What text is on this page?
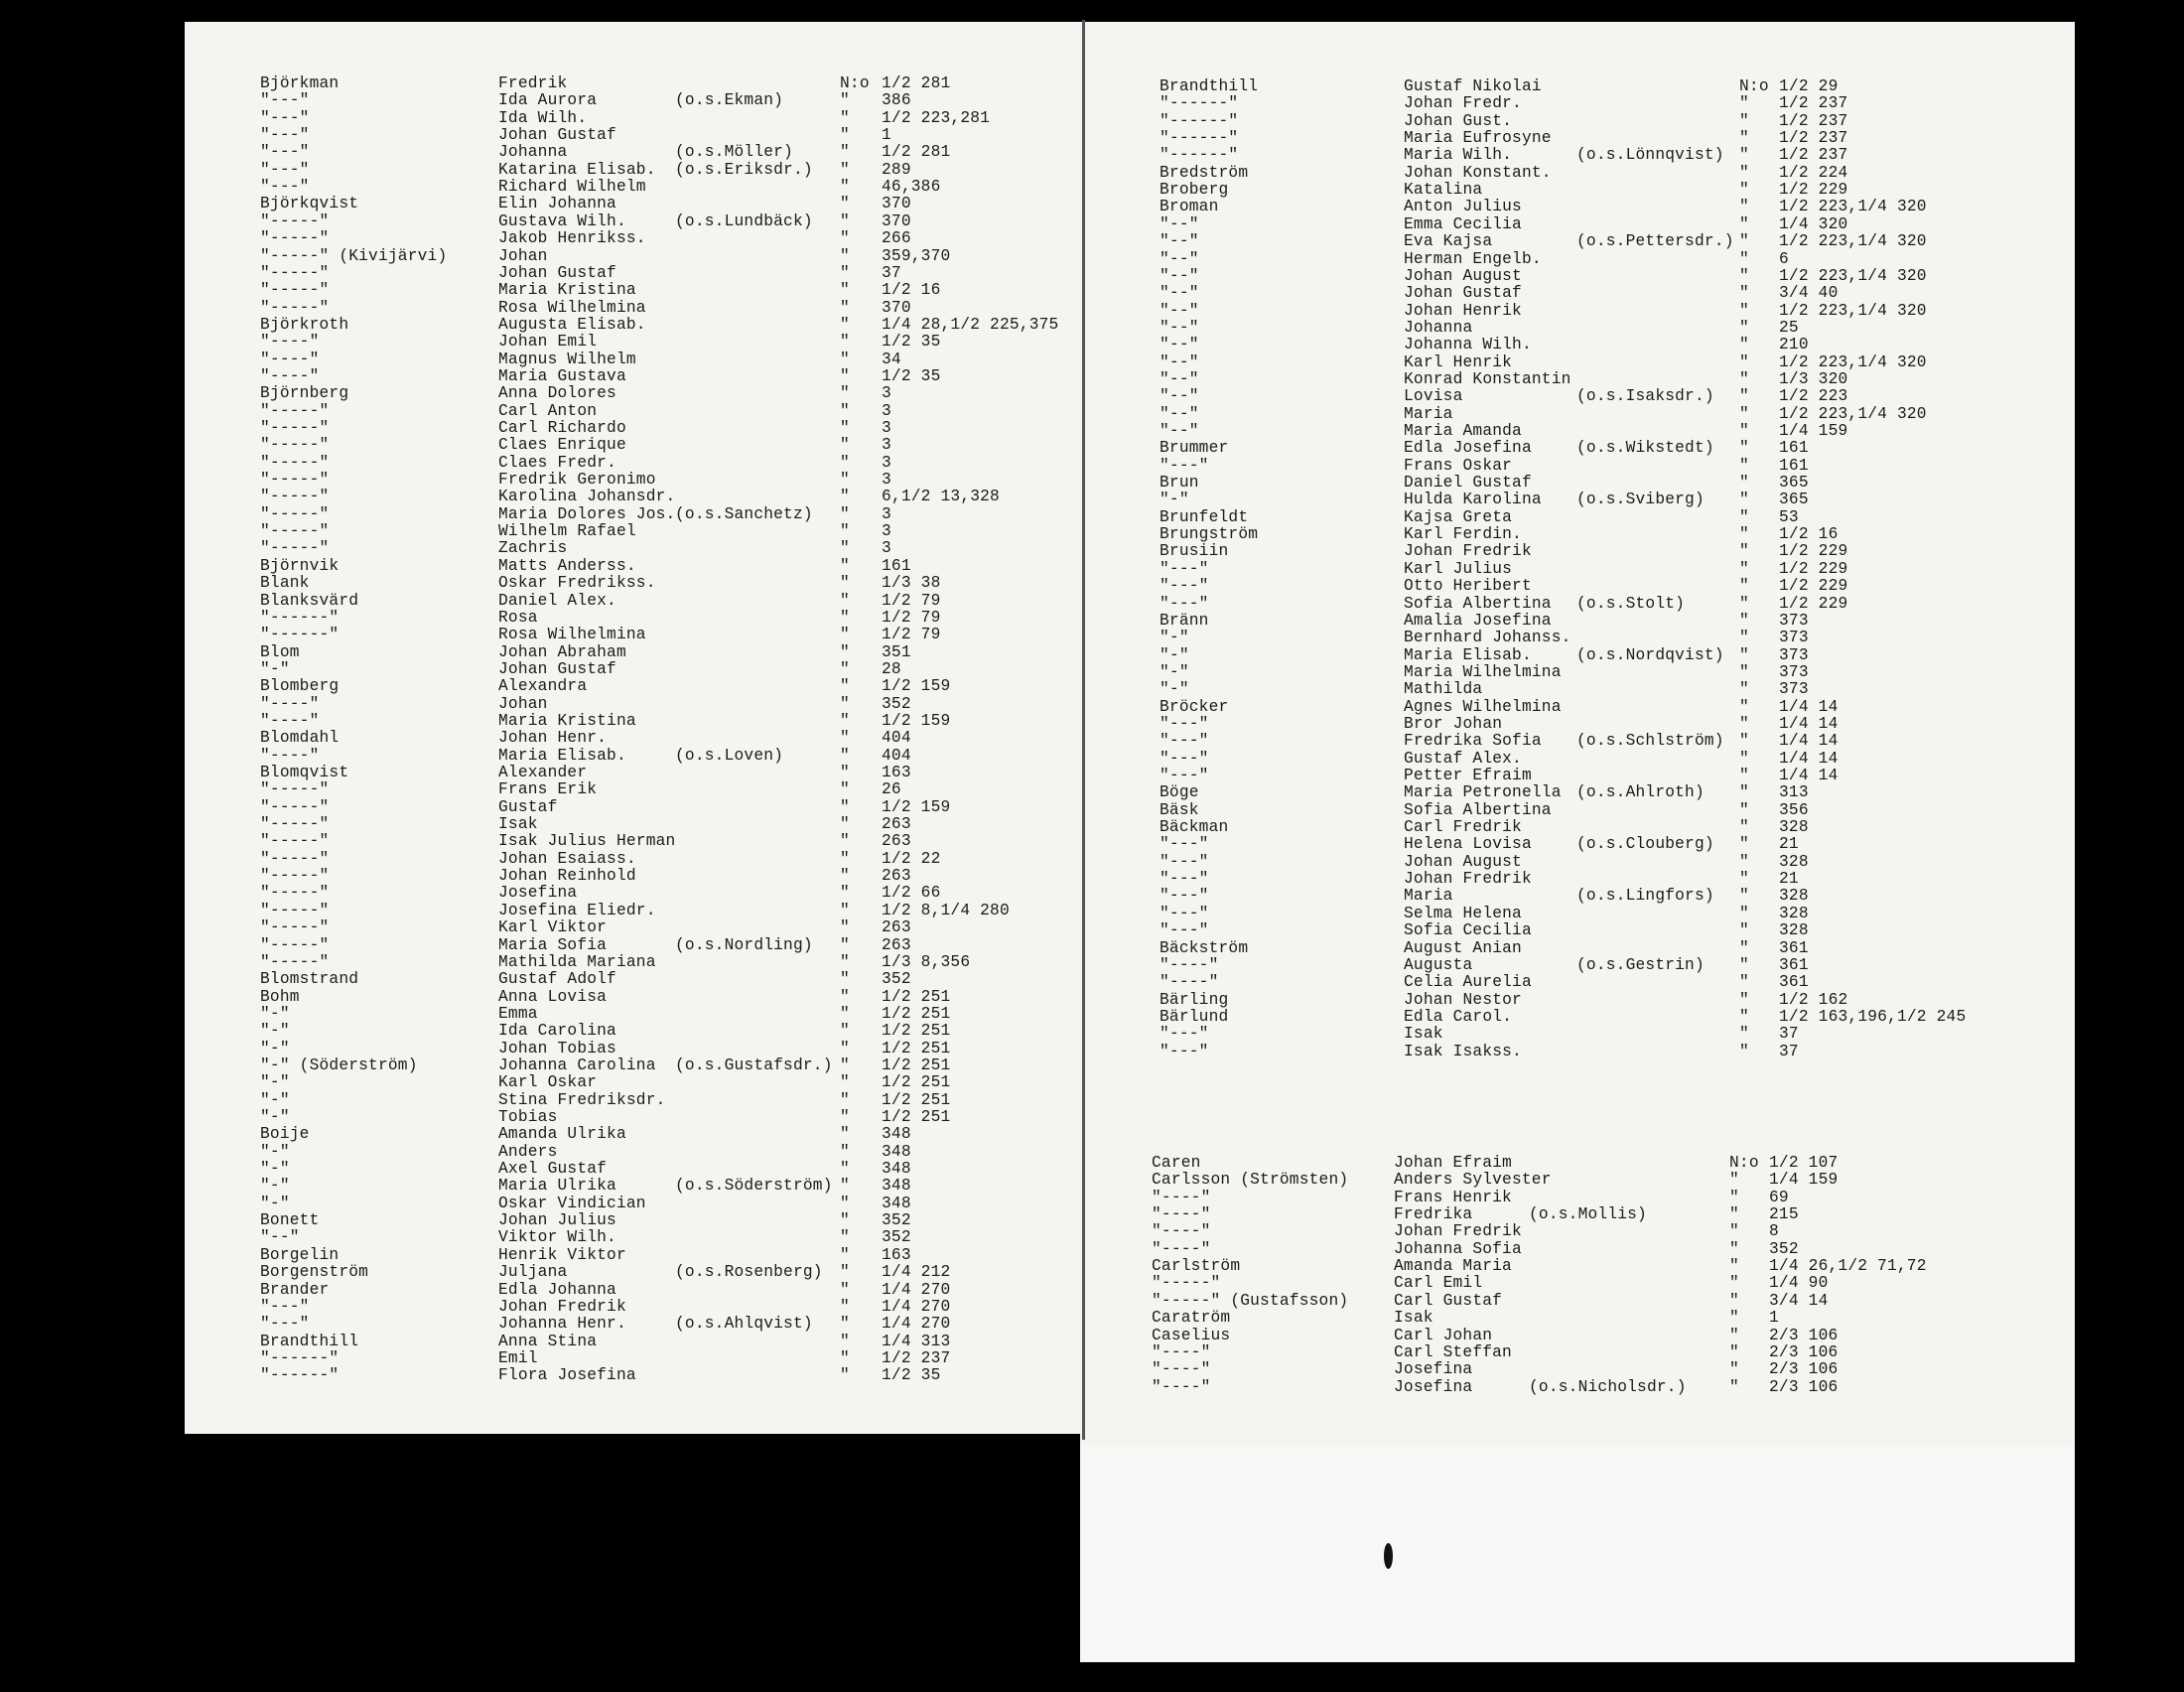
Björkman	Fredrik	N:o 1/2 281
"---"	Ida Aurora	(o.s.Ekman)	" 386
"---"	Ida Wilh.	" 1/2 223,281
"---"	Johan Gustaf	" 1
"---"	Johanna	(o.s.Möller)	" 1/2 281
"---"	Katarina Elisab. (o.s.Eriksdr.) " 289
"---"	Richard Wilhelm	" 46,386
Björkqvist	Elin Johanna	" 370
"-----"	Gustava Wilh.	(o.s.Lundbäck) " 370
"-----"	Jakob Henrikss.	" 266
"-----" (Kivijärvi)	Johan	" 359,370
"-----"	Johan Gustaf	" 37
"-----"	Maria Kristina	" 1/2 16
"-----"	Rosa Wilhelmina	" 370
Björkroth	Augusta Elisab.	" 1/4 28,1/2 225,375
"----"	Johan Emil	" 1/2 35
"----"	Magnus Wilhelm	" 34
"----"	Maria Gustava	" 1/2 35
Björnberg	Anna Dolores	" 3
"-----"	Carl Anton	" 3
"-----"	Carl Richardo	" 3
"-----"	Claes Enrique	" 3
"-----"	Claes Fredr.	" 3
"-----"	Fredrik Geronimo	" 3
"-----"	Karolina Johansdr.	" 6,1/2 13,328
"-----"	Maria Dolores Jos. (o.s.Sanchetz) " 3
"-----"	Wilhelm Rafael	" 3
"-----"	Zachris	" 3
Björnvik	Matts Anderss.	" 161
Blank	Oskar Fredrikss.	" 1/3 38
Blanksvärd	Daniel Alex.	" 1/2 79
"------"	Rosa	" 1/2 79
"------"	Rosa Wilhelmina	" 1/2 79
Blom	Johan Abraham	" 351
"-"	Johan Gustaf	" 28
Blomberg	Alexandra	" 1/2 159
"----"	Johan	" 352
"----"	Maria Kristina	" 1/2 159
Blomdahl	Johan Henr.	" 404
"----"	Maria Elisab.	(o.s.Loven)	" 404
Blomqvist	Alexander	" 163
"-----"	Frans Erik	" 26
"-----"	Gustaf	" 1/2 159
"-----"	Isak	" 263
"-----"	Isak Julius Herman	" 263
"-----"	Johan Esaiass.	" 1/2 22
"-----"	Johan Reinhold	" 263
"-----"	Josefina	" 1/2 66
"-----"	Josefina Eliedr.	" 1/2 8,1/4 280
"-----"	Karl Viktor	" 263
"-----"	Maria Sofia	(o.s.Nordling) " 263
"-----"	Mathilda Mariana	" 1/3 8,356
Blomstrand	Gustaf Adolf	" 352
Bohm	Anna Lovisa	" 1/2 251
"-"	Emma	" 1/2 251
"-"	Ida Carolina	" 1/2 251
"-"	Johan Tobias	" 1/2 251
"-" (Söderström)	Johanna Carolina (o.s.Gustafsdr.) " 1/2 251
"-"	Karl Oskar	" 1/2 251
"-"	Stina Fredriksdr.	" 1/2 251
"-"	Tobias	" 1/2 251
Boije	Amanda Ulrika	" 348
"-"	Anders	" 348
"-"	Axel Gustaf	" 348
"-"	Maria Ulrika	(o.s.Söderström) " 348
"-"	Oskar Vindician	" 348
Bonett	Johan Julius	" 352
"--"	Viktor Wilh.	" 352
Borgelin	Henrik Viktor	" 163
Borgenström	Juljana	(o.s.Rosenberg) " 1/4 212
Brander	Edla Johanna	" 1/4 270
"---"	Johan Fredrik	" 1/4 270
"---"	Johanna Henr.	(o.s.Ahlqvist) " 1/4 270
Brandthill	Anna Stina	" 1/4 313
"------"	Emil	" 1/2 237
"------"	Flora Josefina	" 1/2 35
Brandthill	Gustaf Nikolai	N:o 1/2 29
"------"	Johan Fredr.	" 1/2 237
"------"	Johan Gust.	" 1/2 237
"------"	Maria Eufrosyne	" 1/2 237
"------"	Maria Wilh.	(o.s.Lönnqvist) " 1/2 237
Bredström	Johan Konstant.	" 1/2 224
Broberg	Katalina	" 1/2 229
Broman	Anton Julius	" 1/2 223,1/4 320
"--"	Emma Cecilia	" 1/4 320
"--"	Eva Kajsa	(o.s.Pettersdr.) " 1/2 223,1/4 320
"--"	Herman Engelb.	" 6
"--"	Johan August	" 1/2 223,1/4 320
"--"	Johan Gustaf	" 3/4 40
"--"	Johan Henrik	" 1/2 223,1/4 320
"--"	Johanna	" 25
"--"	Johanna Wilh.	" 210
"--"	Karl Henrik	" 1/2 223,1/4 320
"--"	Konrad Konstantin	" 1/3 320
"--"	Lovisa	(o.s.Isaksdr.) " 1/2 223
"--"	Maria	" 1/2 223,1/4 320
"--"	Maria Amanda	" 1/4 159
Brummer	Edla Josefina	(o.s.Wikstedt) " 161
"---"	Frans Oskar	" 161
Brun	Daniel Gustaf	" 365
"-"	Hulda Karolina (o.s.Sviberg) " 365
Brunfeldt	Kajsa Greta	" 53
Brungström	Karl Ferdin.	" 1/2 16
Brusiin	Johan Fredrik	" 1/2 229
"---"	Karl Julius	" 1/2 229
"---"	Otto Heribert	" 1/2 229
"---"	Sofia Albertina (o.s.Stolt)	" 1/2 229
Bränn	Amalia Josefina	" 373
"-"	Bernhard Johanss.	" 373
"-"	Maria Elisab.	(o.s.Nordqvist) " 373
"-"	Maria Wilhelmina	" 373
"-"	Mathilda	" 373
Bröcker	Agnes Wilhelmina	" 1/4 14
"---"	Bror Johan	" 1/4 14
"---"	Fredrika Sofia (o.s.Schlström) " 1/4 14
"---"	Gustaf Alex.	" 1/4 14
"---"	Petter Efraim	" 1/4 14
Böge	Maria Petronella (o.s.Ahlroth) " 313
Bäsk	Sofia Albertina	" 356
Bäckman	Carl Fredrik	" 328
"---"	Helena Lovisa	(o.s.Clouberg) " 21
"---"	Johan August	" 328
"---"	Johan Fredrik	" 21
"---"	Maria	(o.s.Lingfors) " 328
"---"	Selma Helena	" 328
"---"	Sofia Cecilia	" 328
Bäckström	August Anian	" 361
"----"	Augusta	(o.s.Gestrin) " 361
"----"	Celia Aurelia	" 361
Bärling	Johan Nestor	" 1/2 162
Bärlund	Edla Carol.	" 1/2 163,196,1/2 245
"---"	Isak	" 37
"---"	Isak Isakss.	" 37
Caren	Johan Efraim	N:o 1/2 107
Carlsson (Strömsten)	Anders Sylvester	" 1/4 159
"----"	Frans Henrik	" 69
"----"	Fredrika	(o.s.Mollis)	" 215
"----"	Johan Fredrik	" 8
"----"	Johanna Sofia	" 352
Carlström	Amanda Maria	" 1/4 26,1/2 71,72
"-----"	Carl Emil	" 1/4 90
"-----" (Gustafsson)	Carl Gustaf	" 3/4 14
Caratröm	Isak	" 1
Caselius	Carl Johan	" 2/3 106
"----"	Carl Steffan	" 2/3 106
"----"	Josefina	" 2/3 106
"----"	Josefina	(o.s.Nicholsdr.)	" 2/3 106
